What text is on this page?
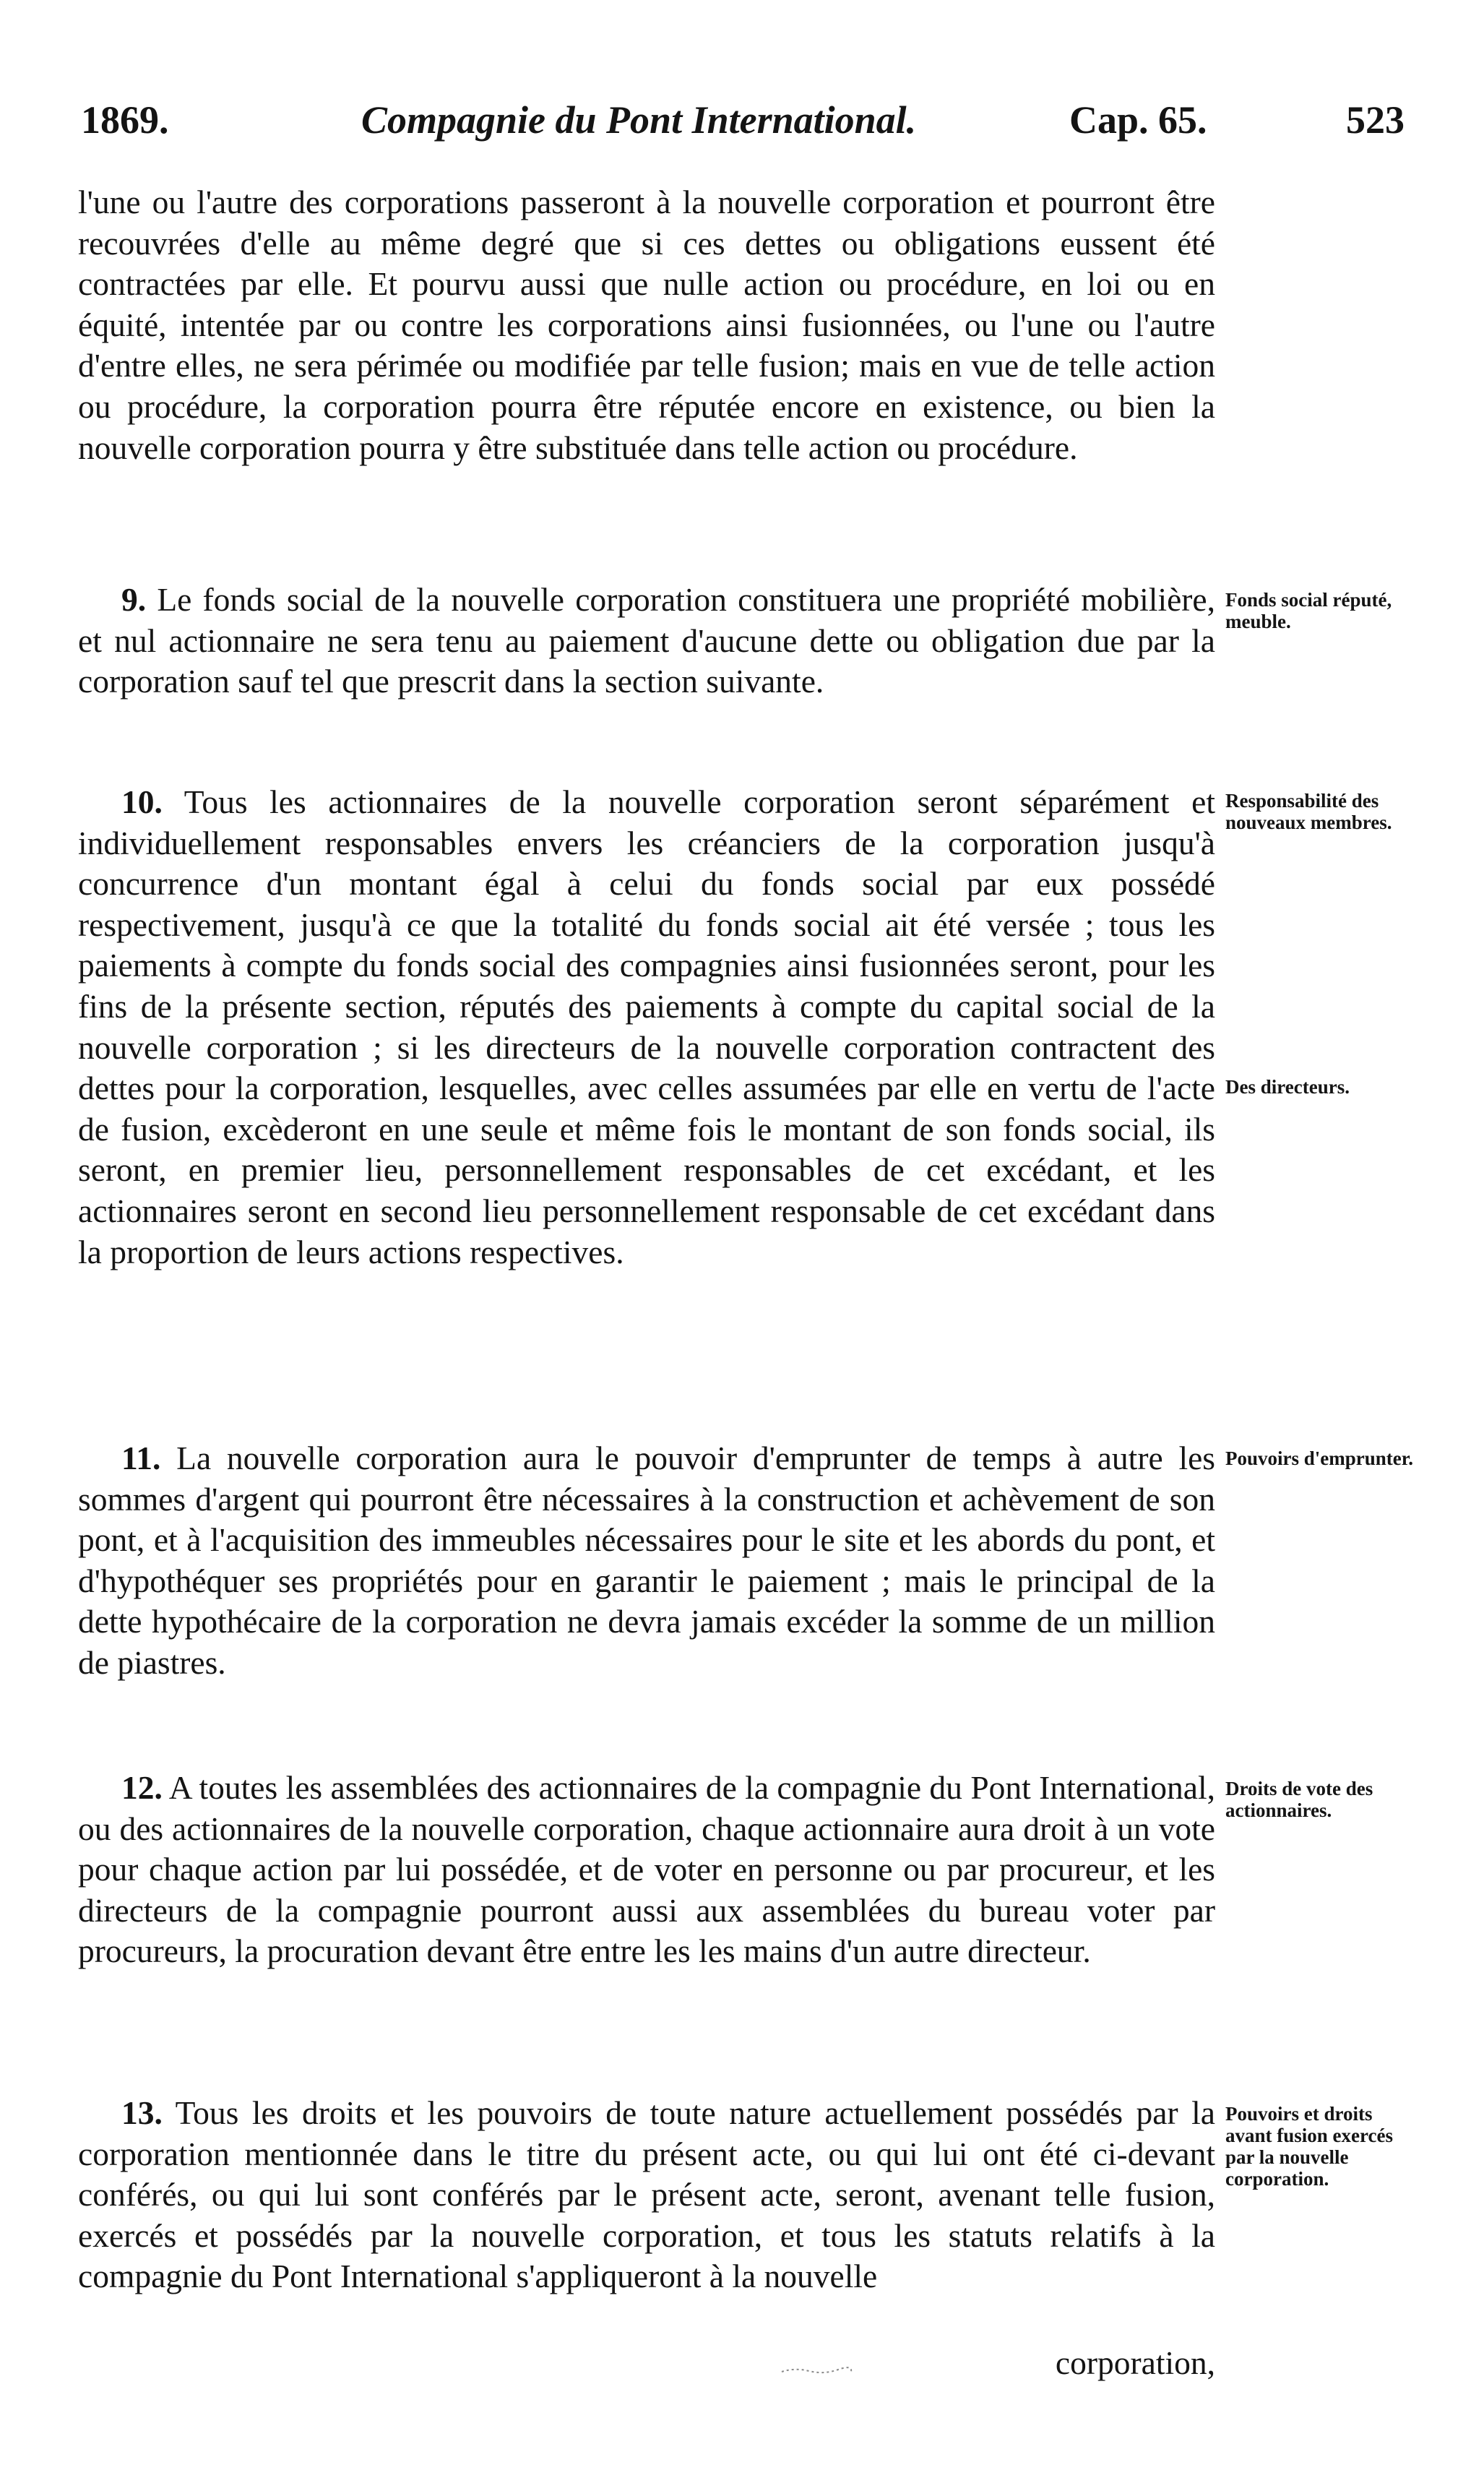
1869.	Compagnie du Pont International.	Cap. 65.	523

l'une ou l'autre des corporations passeront à la nouvelle corporation et pourront être recouvrées d'elle au même degré que si ces dettes ou obligations eussent été contractées par elle. Et pourvu aussi que nulle action ou procédure, en loi ou en équité, intentée par ou contre les corporations ainsi fusionnées, ou l'une ou l'autre d'entre elles, ne sera périmée ou modifiée par telle fusion; mais en vue de telle action ou procédure, la corporation pourra être réputée encore en existence, ou bien la nouvelle corporation pourra y être substituée dans telle action ou procédure.

9. Le fonds social de la nouvelle corporation constituera une propriété mobilière, et nul actionnaire ne sera tenu au paiement d'aucune dette ou obligation due par la corporation sauf tel que prescrit dans la section suivante.

10. Tous les actionnaires de la nouvelle corporation seront séparément et individuellement responsables envers les créanciers de la corporation jusqu'à concurrence d'un montant égal à celui du fonds social par eux possédé respectivement, jusqu'à ce que la totalité du fonds social ait été versée ; tous les paiements à compte du fonds social des compagnies ainsi fusionnées seront, pour les fins de la présente section, réputés des paiements à compte du capital social de la nouvelle corporation ; si les directeurs de la nouvelle corporation contractent des dettes pour la corporation, lesquelles, avec celles assumées par elle en vertu de l'acte de fusion, excèderont en une seule et même fois le montant de son fonds social, ils seront, en premier lieu, personnellement responsables de cet excédant, et les actionnaires seront en second lieu personnellement responsable de cet excédant dans la proportion de leurs actions respectives.

11. La nouvelle corporation aura le pouvoir d'emprunter de temps à autre les sommes d'argent qui pourront être nécessaires à la construction et achèvement de son pont, et à l'acquisition des immeubles nécessaires pour le site et les abords du pont, et d'hypothéquer ses propriétés pour en garantir le paiement ; mais le principal de la dette hypothécaire de la corporation ne devra jamais excéder la somme de un million de piastres.

12. A toutes les assemblées des actionnaires de la compagnie du Pont International, ou des actionnaires de la nouvelle corporation, chaque actionnaire aura droit à un vote pour chaque action par lui possédée, et de voter en personne ou par procureur, et les directeurs de la compagnie pourront aussi aux assemblées du bureau voter par procureurs, la procuration devant être entre les les mains d'un autre directeur.

13. Tous les droits et les pouvoirs de toute nature actuellement possédés par la corporation mentionnée dans le titre du présent acte, ou qui lui ont été ci-devant conférés, ou qui lui sont conférés par le présent acte, seront, avenant telle fusion, exercés et possédés par la nouvelle corporation, et tous les statuts relatifs à la compagnie du Pont International s'appliqueront à la nouvelle

Fonds social réputé, meuble.
Responsabilité des nouveaux membres.
Des directeurs.
Pouvoirs d'emprunter.
Droits de vote des actionnaires.
Pouvoirs et droits avant fusion exercés par la nouvelle corporation.
corporation,
